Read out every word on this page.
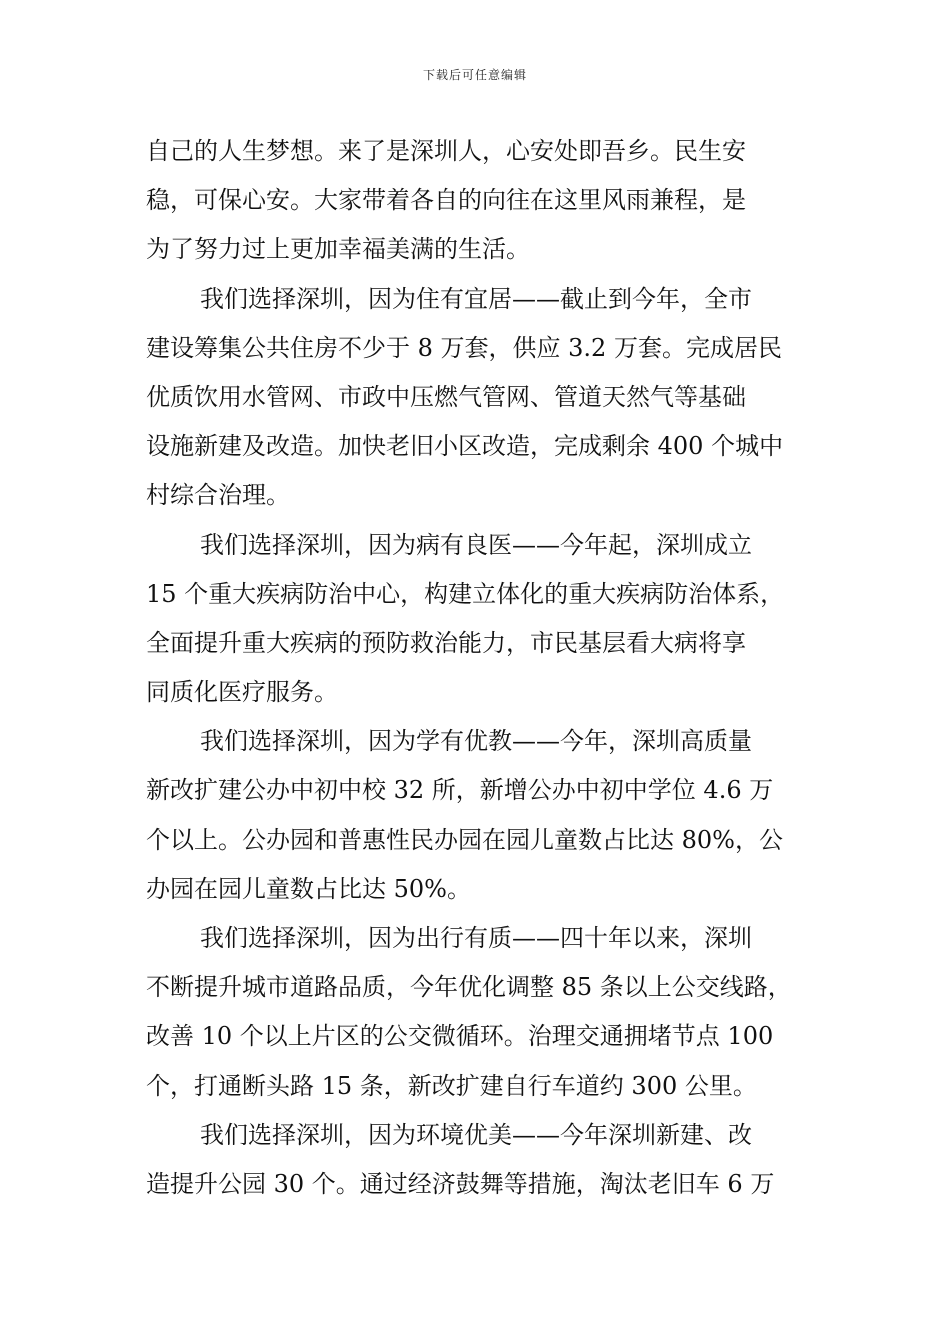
下载后可任意编辑
自己的人生梦想。来了是深圳人，心安处即吾乡。民生安
稳，可保心安。大家带着各自的向往在这里风雨兼程，是
为了努力过上更加幸福美满的生活。
我们选择深圳，因为住有宜居——截止到今年，全市
建设筹集公共住房不少于 8 万套，供应 3.2 万套。完成居民
优质饮用水管网、市政中压燃气管网、管道天然气等基础
设施新建及改造。加快老旧小区改造，完成剩余 400 个城中
村综合治理。
我们选择深圳，因为病有良医——今年起，深圳成立
15 个重大疾病防治中心，构建立体化的重大疾病防治体系，
全面提升重大疾病的预防救治能力，市民基层看大病将享
同质化医疗服务。
我们选择深圳，因为学有优教——今年，深圳高质量
新改扩建公办中初中校 32 所，新增公办中初中学位 4.6 万
个以上。公办园和普惠性民办园在园儿童数占比达 80%，公
办园在园儿童数占比达 50%。
我们选择深圳，因为出行有质——四十年以来，深圳
不断提升城市道路品质，今年优化调整 85 条以上公交线路，
改善 10 个以上片区的公交微循环。治理交通拥堵节点 100
个，打通断头路 15 条，新改扩建自行车道约 300 公里。
我们选择深圳，因为环境优美——今年深圳新建、改
造提升公园 30 个。通过经济鼓舞等措施，淘汰老旧车 6 万
